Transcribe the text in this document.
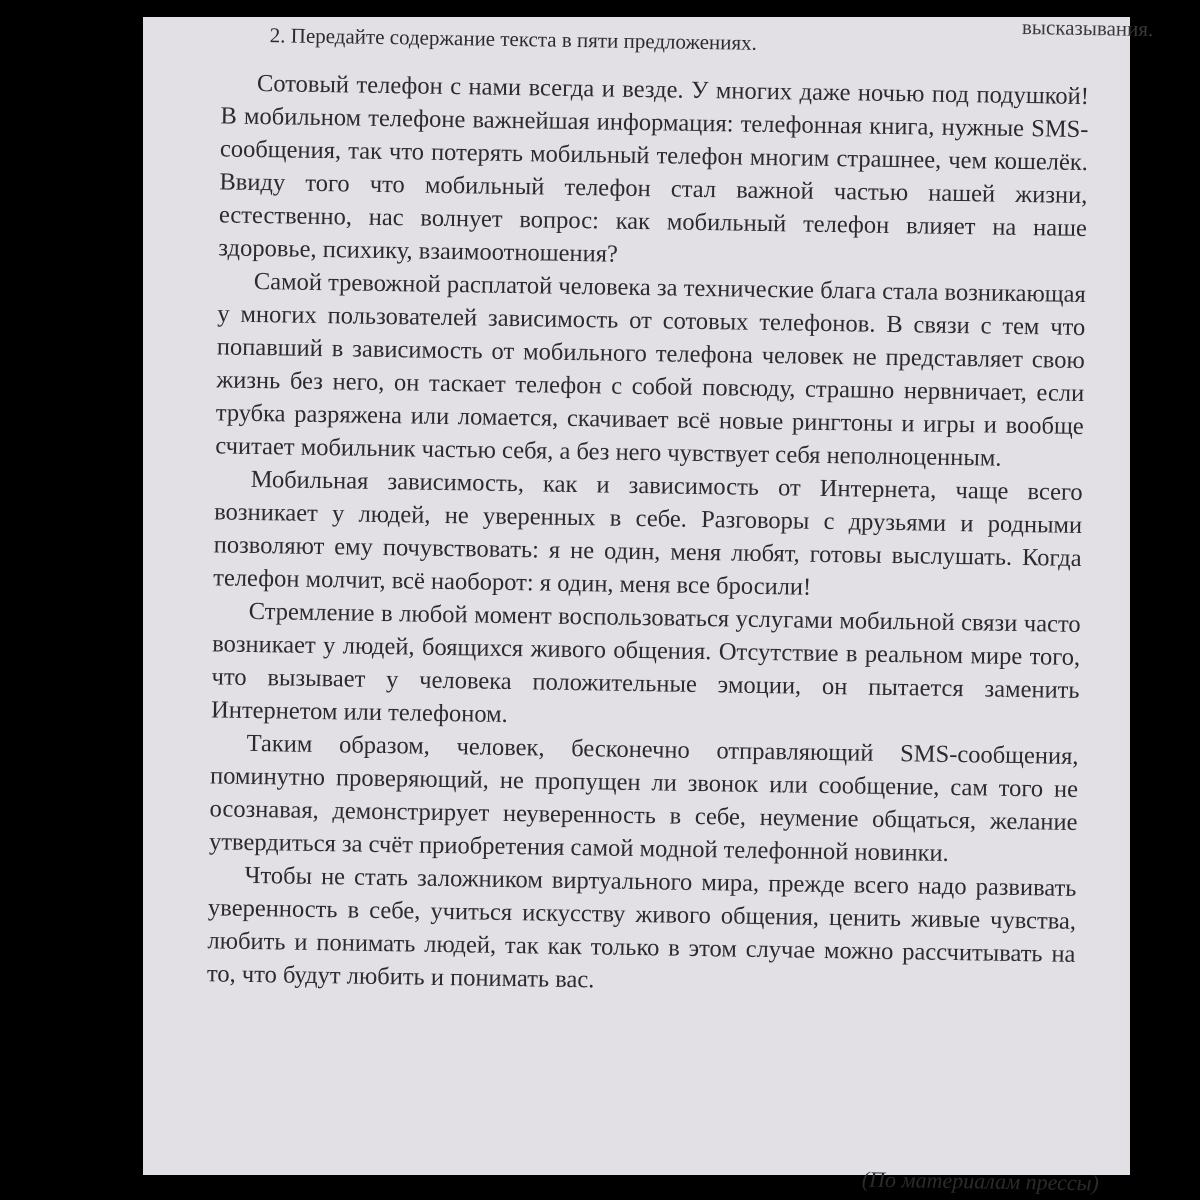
высказывания.
2. Передайте содержание текста в пяти предложениях.

Сотовый телефон с нами всегда и везде. У многих даже ночью под подушкой! В мобильном телефоне важнейшая информация: телефонная книга, нужные SMS-сообщения, так что потерять мобильный телефон многим страшнее, чем кошелёк. Ввиду того что мобильный телефон стал важной частью нашей жизни, естественно, нас волнует вопрос: как мобильный телефон влияет на наше здоровье, психику, взаимоотношения?

Самой тревожной расплатой человека за технические блага стала возникающая у многих пользователей зависимость от сотовых телефонов. В связи с тем что попавший в зависимость от мобильного телефона человек не представляет свою жизнь без него, он таскает телефон с собой повсюду, страшно нервничает, если трубка разряжена или ломается, скачивает всё новые рингтоны и игры и вообще считает мобильник частью себя, а без него чувствует себя неполноценным.

Мобильная зависимость, как и зависимость от Интернета, чаще всего возникает у людей, не уверенных в себе. Разговоры с друзьями и родными позволяют ему почувствовать: я не один, меня любят, готовы выслушать. Когда телефон молчит, всё наоборот: я один, меня все бросили!

Стремление в любой момент воспользоваться услугами мобильной связи часто возникает у людей, боящихся живого общения. Отсутствие в реальном мире того, что вызывает у человека положительные эмоции, он пытается заменить Интернетом или телефоном.

Таким образом, человек, бесконечно отправляющий SMS-сообщения, поминутно проверяющий, не пропущен ли звонок или сообщение, сам того не осознавая, демонстрирует неуверенность в себе, неумение общаться, желание утвердиться за счёт приобретения самой модной телефонной новинки.

Чтобы не стать заложником виртуального мира, прежде всего надо развивать уверенность в себе, учиться искусству живого общения, ценить живые чувства, любить и понимать людей, так как только в этом случае можно рассчитывать на то, что будут любить и понимать вас.

(По материалам прессы)
